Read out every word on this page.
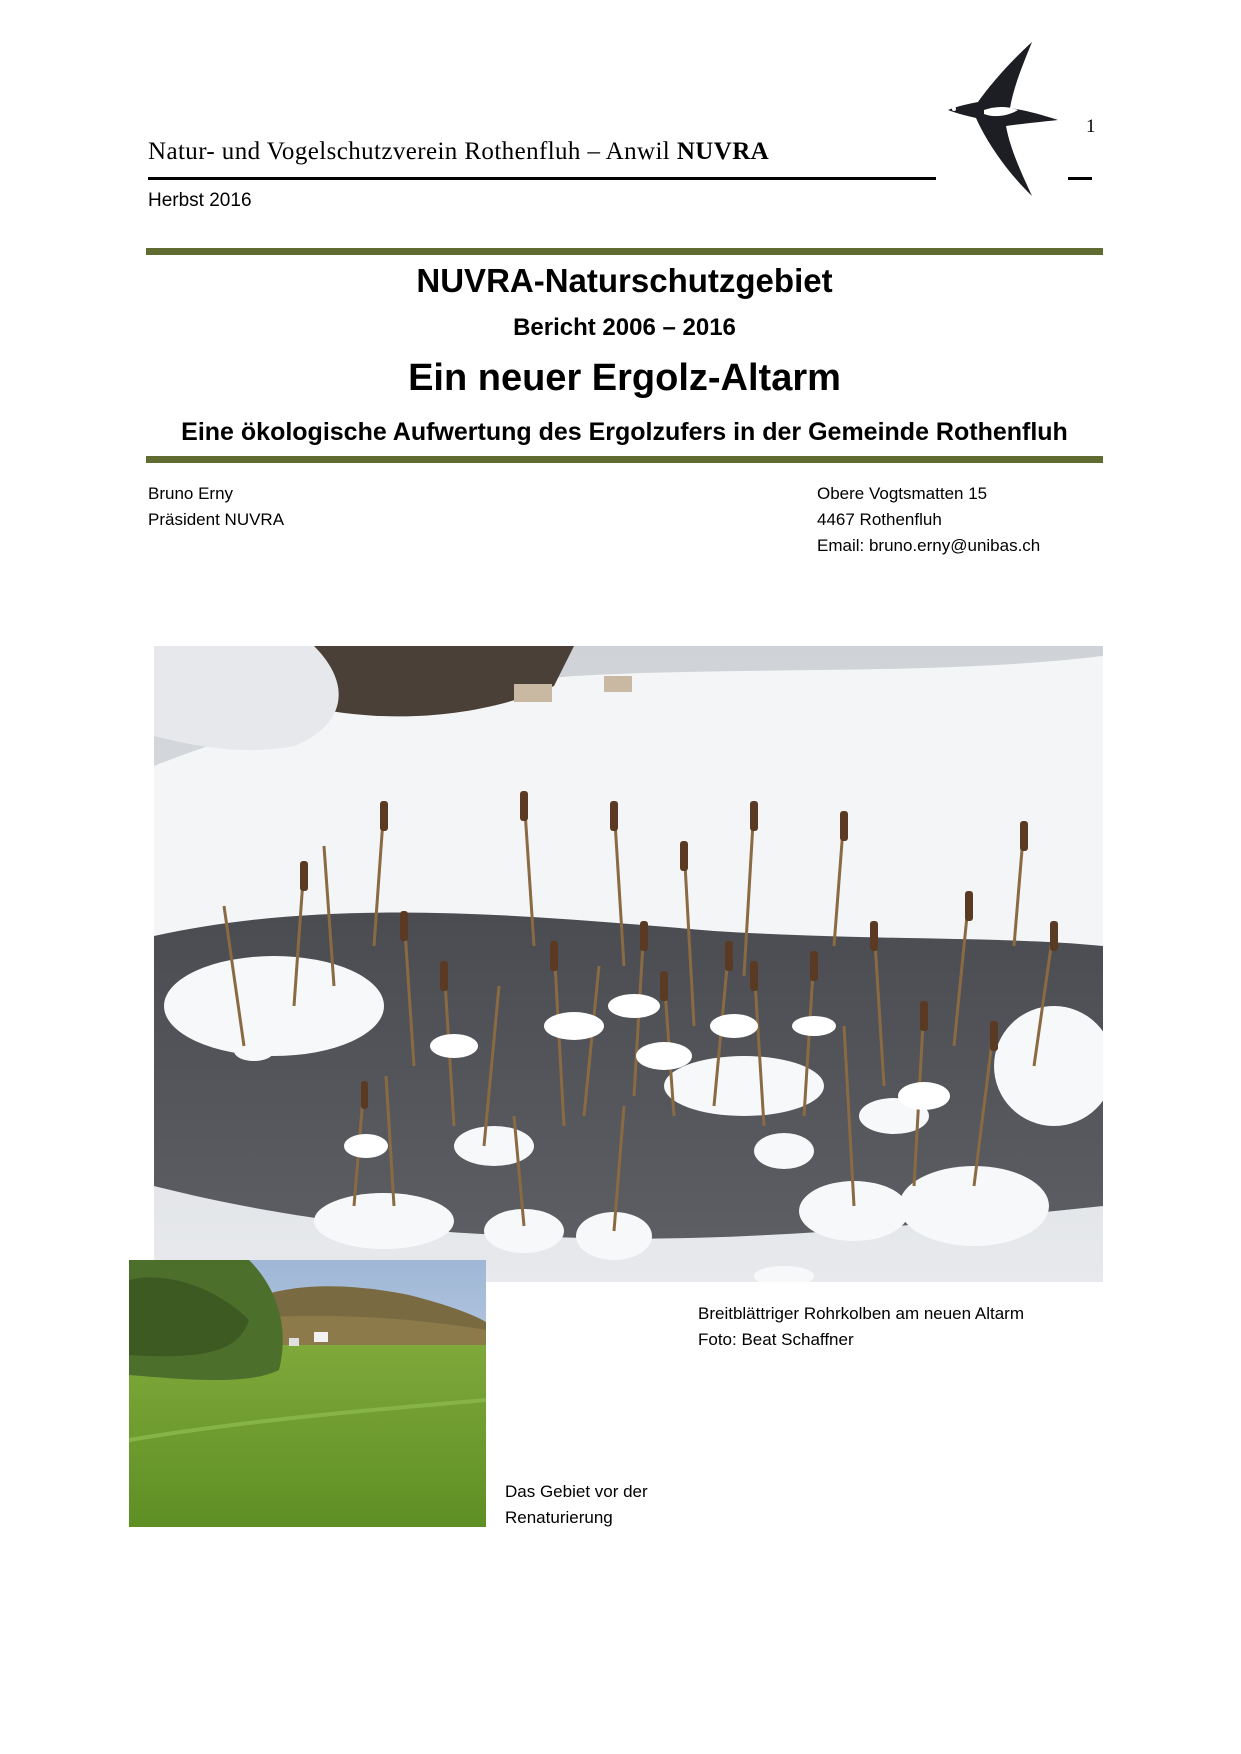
Natur- und Vogelschutzverein Rothenfluh – Anwil NUVRA
1
Herbst 2016
NUVRA-Naturschutzgebiet
Bericht 2006 – 2016
Ein neuer Ergolz-Altarm
Eine ökologische Aufwertung des Ergolzufers in der Gemeinde Rothenfluh
Bruno Erny
Präsident NUVRA
Obere Vogtsmatten 15
4467 Rothenfluh
Email: bruno.erny@unibas.ch
Breitblättriger Rohrkolben am neuen Altarm
Foto: Beat Schaffner
Das Gebiet vor der
Renaturierung
